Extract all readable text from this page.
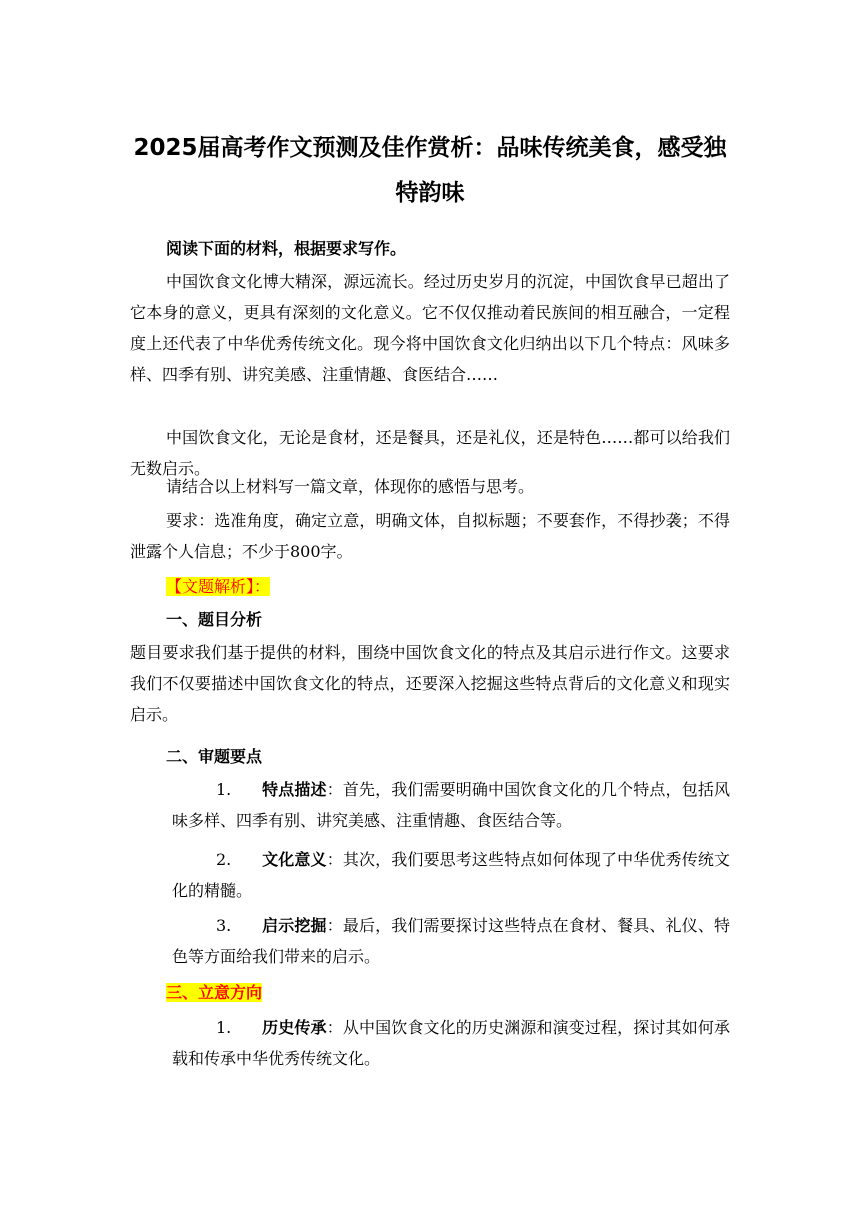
2025届高考作文预测及佳作赏析：品味传统美食，感受独特韵味
阅读下面的材料，根据要求写作。
中国饮食文化博大精深，源远流长。经过历史岁月的沉淀，中国饮食早已超出了它本身的意义，更具有深刻的文化意义。它不仅仅推动着民族间的相互融合，一定程度上还代表了中华优秀传统文化。现今将中国饮食文化归纳出以下几个特点：风味多样、四季有别、讲究美感、注重情趣、食医结合……
中国饮食文化，无论是食材，还是餐具，还是礼仪，还是特色……都可以给我们无数启示。
请结合以上材料写一篇文章，体现你的感悟与思考。
要求：选准角度，确定立意，明确文体，自拟标题；不要套作，不得抄袭；不得泄露个人信息；不少于800字。
【文题解析】：
一、题目分析
题目要求我们基于提供的材料，围绕中国饮食文化的特点及其启示进行作文。这要求我们不仅要描述中国饮食文化的特点，还要深入挖掘这些特点背后的文化意义和现实启示。
二、审题要点
1. 特点描述：首先，我们需要明确中国饮食文化的几个特点，包括风味多样、四季有别、讲究美感、注重情趣、食医结合等。
2. 文化意义：其次，我们要思考这些特点如何体现了中华优秀传统文化的精髓。
3. 启示挖掘：最后，我们需要探讨这些特点在食材、餐具、礼仪、特色等方面给我们带来的启示。
三、立意方向
1. 历史传承：从中国饮食文化的历史渊源和演变过程，探讨其如何承载和传承中华优秀传统文化。
